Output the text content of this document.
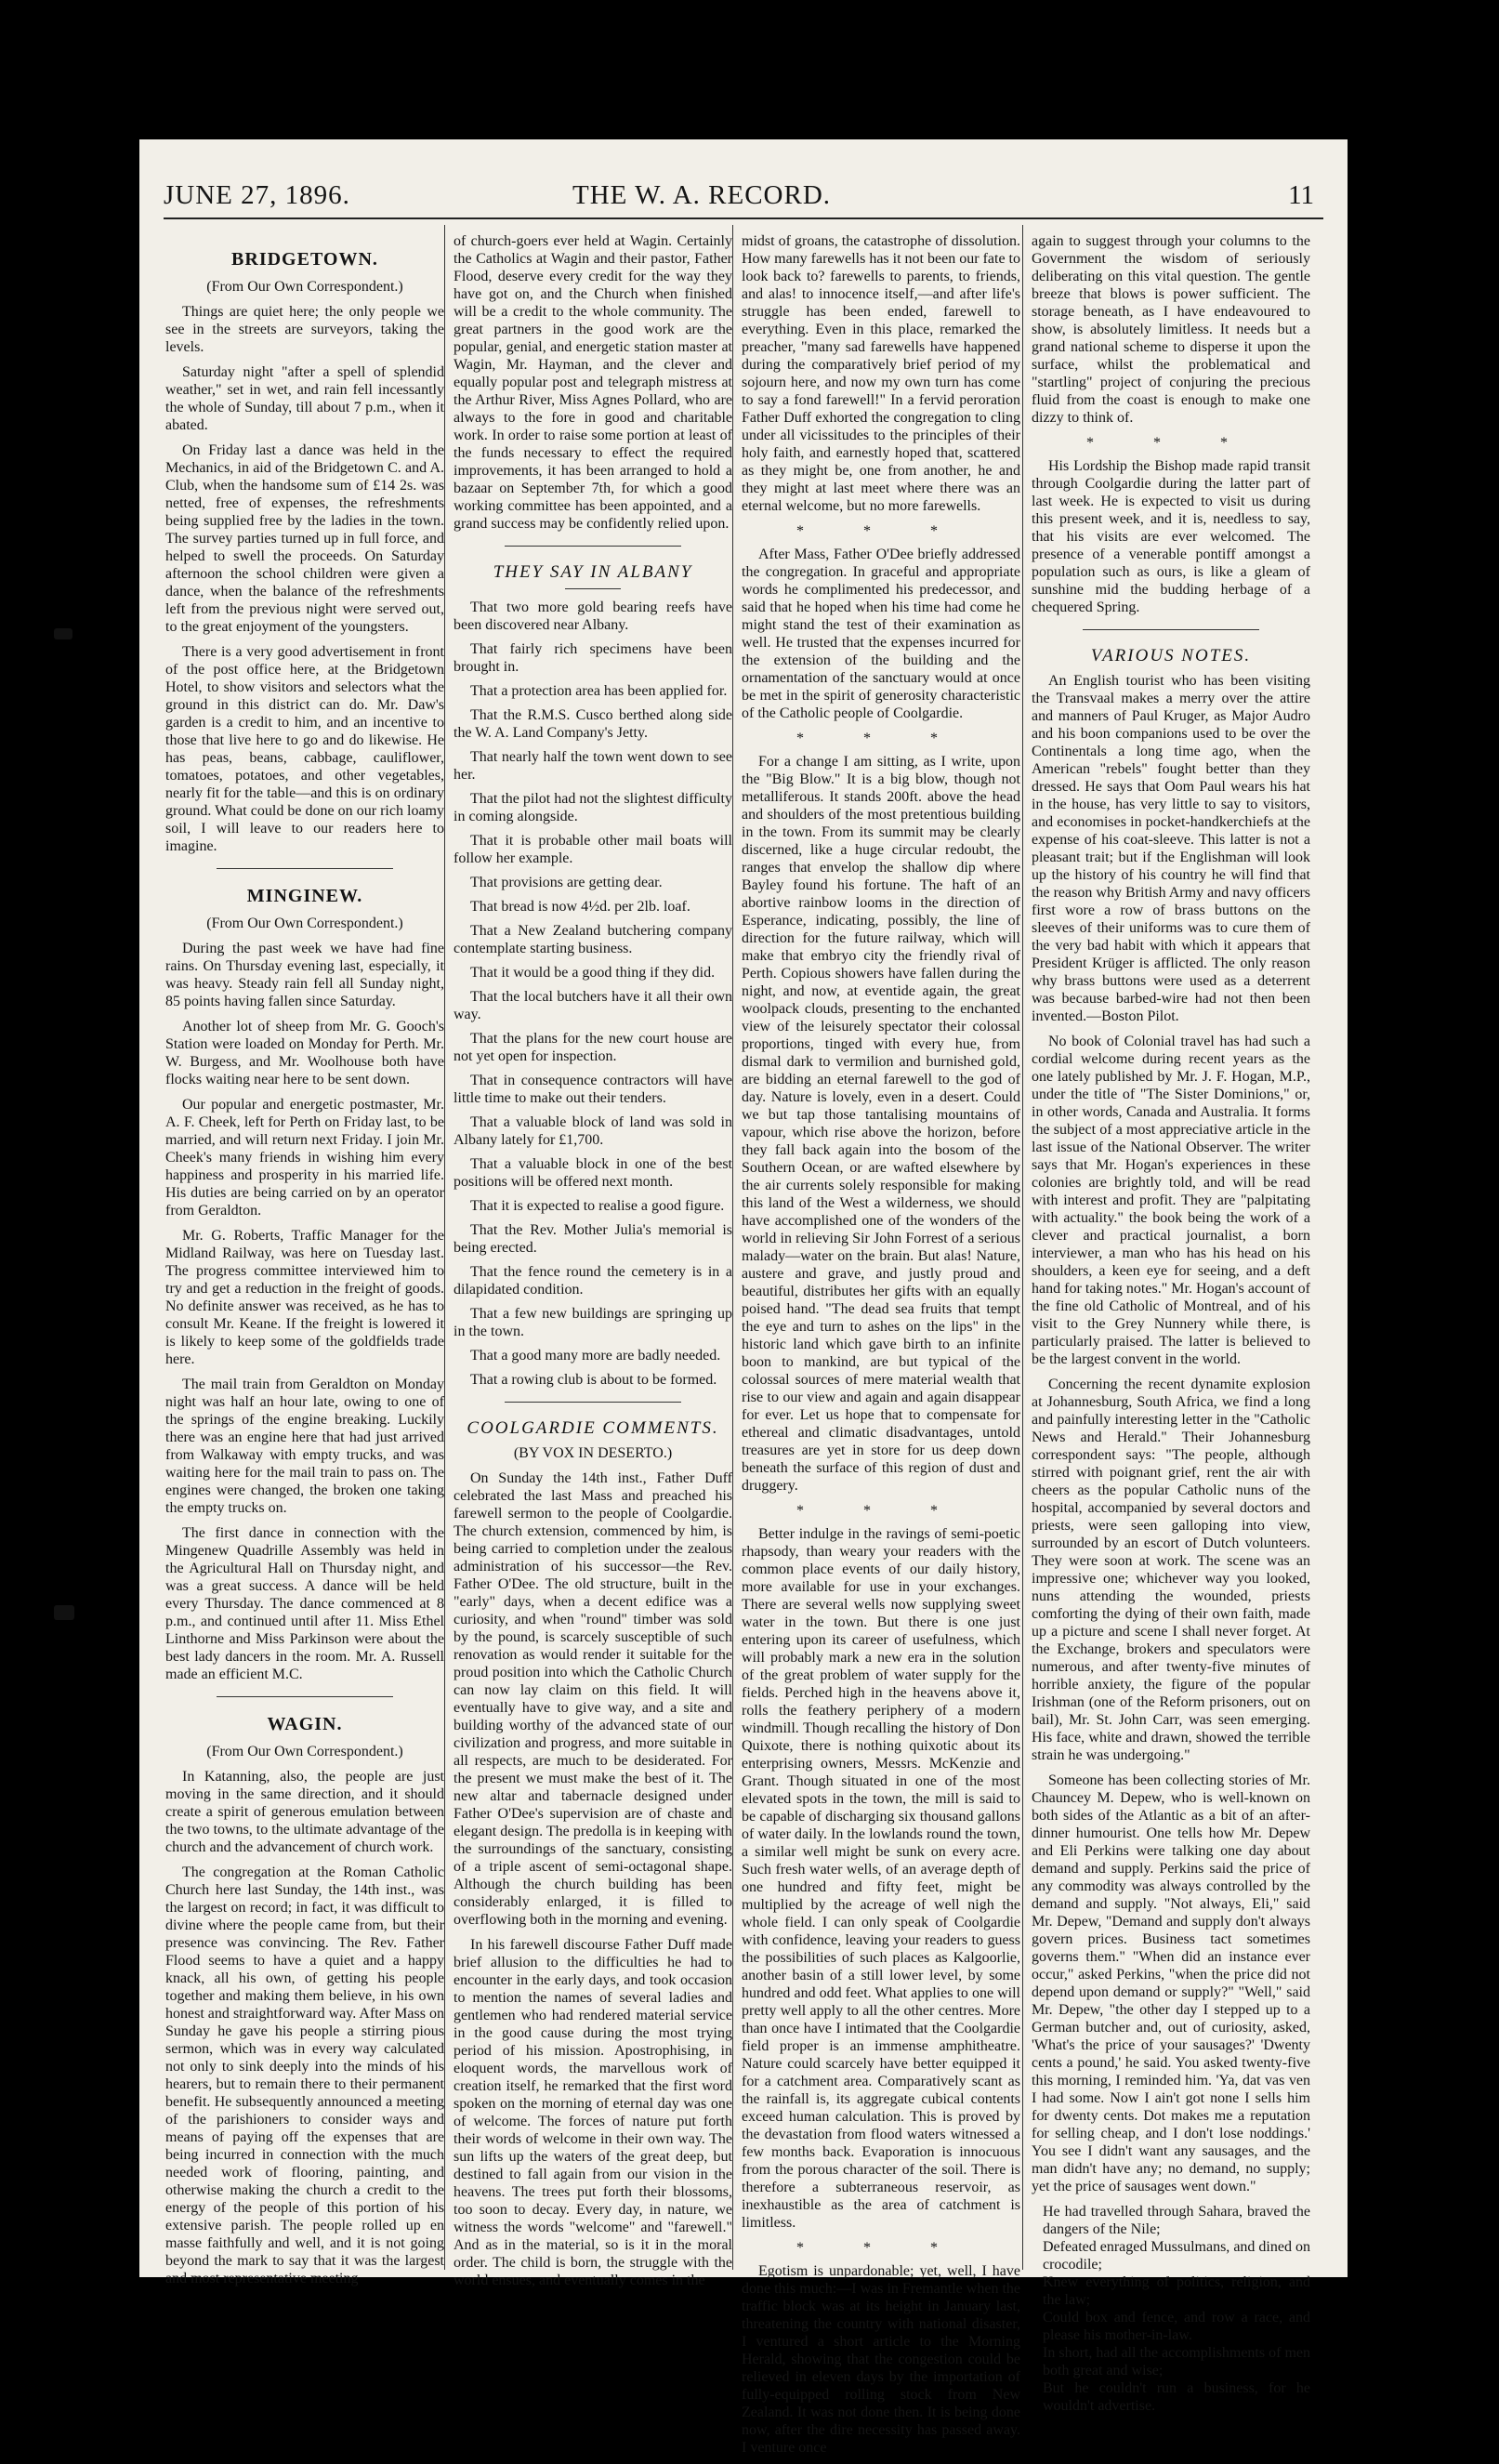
JUNE 27, 1896.	THE W. A. RECORD.	11
BRIDGETOWN.
(From Our Own Correspondent.)

Things are quiet here; the only people we see in the streets are surveyors, taking the levels.

Saturday night "after a spell of splendid weather," set in wet, and rain fell incessantly the whole of Sunday, till about 7 p.m., when it abated.

On Friday last a dance was held in the Mechanics, in aid of the Bridgetown C. and A. Club, when the handsome sum of £14 2s. was netted, free of expenses, the refreshments being supplied free by the ladies in the town. The survey parties turned up in full force, and helped to swell the proceeds. On Saturday afternoon the school children were given a dance, when the balance of the refreshments left from the previous night were served out, to the great enjoyment of the youngsters.

There is a very good advertisement in front of the post office here, at the Bridgetown Hotel, to show visitors and selectors what the ground in this district can do. Mr. Daw's garden is a credit to him, and an incentive to those that live here to go and do likewise. He has peas, beans, cabbage, cauliflower, tomatoes, potatoes, and other vegetables, nearly fit for the table—and this is on ordinary ground. What could be done on our rich loamy soil, I will leave to our readers here to imagine.

MINGINEW.
(From Our Own Correspondent.)

During the past week we have had fine rains. On Thursday evening last, especially, it was heavy. Steady rain fell all Sunday night, 85 points having fallen since Saturday.

Another lot of sheep from Mr. G. Gooch's Station were loaded on Monday for Perth. Mr. W. Burgess, and Mr. Woolhouse both have flocks waiting near here to be sent down.

Our popular and energetic postmaster, Mr. A. F. Cheek, left for Perth on Friday last, to be married, and will return next Friday. I join Mr. Cheek's many friends in wishing him every happiness and prosperity in his married life. His duties are being carried on by an operator from Geraldton.

Mr. G. Roberts, Traffic Manager for the Midland Railway, was here on Tuesday last. The progress committee interviewed him to try and get a reduction in the freight of goods. No definite answer was received, as he has to consult Mr. Keane. If the freight is lowered it is likely to keep some of the goldfields trade here.

The mail train from Geraldton on Monday night was half an hour late, owing to one of the springs of the engine breaking. Luckily there was an engine here that had just arrived from Walkaway with empty trucks, and was waiting here for the mail train to pass on. The engines were changed, the broken one taking the empty trucks on.

The first dance in connection with the Mingenew Quadrille Assembly was held in the Agricultural Hall on Thursday night, and was a great success. A dance will be held every Thursday. The dance commenced at 8 p.m., and continued until after 11. Miss Ethel Linthorne and Miss Parkinson were about the best lady dancers in the room. Mr. A. Russell made an efficient M.C.

WAGIN.
(From Our Own Correspondent.)

In Katanning, also, the people are just moving in the same direction, and it should create a spirit of generous emulation between the two towns, to the ultimate advantage of the church and the advancement of church work.

The congregation at the Roman Catholic Church here last Sunday, the 14th inst., was the largest on record; in fact, it was difficult to divine where the people came from, but their presence was convincing. The Rev. Father Flood seems to have a quiet and a happy knack, all his own, of getting his people together and making them believe, in his own honest and straightforward way. After Mass on Sunday he gave his people a stirring pious sermon, which was in every way calculated not only to sink deeply into the minds of his hearers, but to remain there to their permanent benefit. He subsequently announced a meeting of the parishioners to consider ways and means of paying off the expenses that are being incurred in connection with the much needed work of flooring, painting, and otherwise making the church a credit to the energy of the people of this portion of his extensive parish. The people rolled up en masse faithfully and well, and it is not going beyond the mark to say that it was the largest and most representative meeting

of church-goers ever held at Wagin. Certainly the Catholics at Wagin and their pastor, Father Flood, deserve every credit for the way they have got on, and the Church when finished will be a credit to the whole community. The great partners in the good work are the popular, genial, and energetic station master at Wagin, Mr. Hayman, and the clever and equally popular post and telegraph mistress at the Arthur River, Miss Agnes Pollard, who are always to the fore in good and charitable work. In order to raise some portion at least of the funds necessary to effect the required improvements, it has been arranged to hold a bazaar on September 7th, for which a good working committee has been appointed, and a grand success may be confidently relied upon.

THEY SAY IN ALBANY

That two more gold bearing reefs have been discovered near Albany.

That fairly rich specimens have been brought in.

That a protection area has been applied for.

That the R.M.S. Cusco berthed along side the W. A. Land Company's Jetty.

That nearly half the town went down to see her.

That the pilot had not the slightest difficulty in coming alongside.

That it is probable other mail boats will follow her example.

That provisions are getting dear.

That bread is now 4½d. per 2lb. loaf.

That a New Zealand butchering company contemplate starting business.

That it would be a good thing if they did.

That the local butchers have it all their own way.

That the plans for the new court house are not yet open for inspection.

That in consequence contractors will have little time to make out their tenders.

That a valuable block of land was sold in Albany lately for £1,700.

That a valuable block in one of the best positions will be offered next month.

That it is expected to realise a good figure.

That the Rev. Mother Julia's memorial is being erected.

That the fence round the cemetery is in a dilapidated condition.

That a few new buildings are springing up in the town.

That a good many more are badly needed.

That a rowing club is about to be formed.

COOLGARDIE COMMENTS.
(BY VOX IN DESERTO.)

On Sunday the 14th inst., Father Duff celebrated the last Mass and preached his farewell sermon to the people of Coolgardie. The church extension, commenced by him, is being carried to completion under the zealous administration of his successor—the Rev. Father O'Dee. The old structure, built in the "early" days, when a decent edifice was a curiosity, and when "round" timber was sold by the pound, is scarcely susceptible of such renovation as would render it suitable for the proud position into which the Catholic Church can now lay claim on this field. It will eventually have to give way, and a site and building worthy of the advanced state of our civilization and progress, and more suitable in all respects, are much to be desiderated. For the present we must make the best of it. The new altar and tabernacle designed under Father O'Dee's supervision are of chaste and elegant design. The predolla is in keeping with the surroundings of the sanctuary, consisting of a triple ascent of semi-octagonal shape. Although the church building has been considerably enlarged, it is filled to overflowing both in the morning and evening.

In his farewell discourse Father Duff made brief allusion to the difficulties he had to encounter in the early days, and took occasion to mention the names of several ladies and gentlemen who had rendered material service in the good cause during the most trying period of his mission. Apostrophising, in eloquent words, the marvellous work of creation itself, he remarked that the first word spoken on the morning of eternal day was one of welcome. The forces of nature put forth their words of welcome in their own way. The sun lifts up the waters of the great deep, but destined to fall again from our vision in the heavens. The trees put forth their blossoms, too soon to decay. Every day, in nature, we witness the words "welcome" and "farewell." And as in the material, so is it in the moral order. The child is born, the struggle with the world ensues, and eventually comes in the

midst of groans, the catastrophe of dissolution. How many farewells has it not been our fate to look back to? farewells to parents, to friends, and alas! to innocence itself,—and after life's struggle has been ended, farewell to everything. Even in this place, remarked the preacher, "many sad farewells have happened during the comparatively brief period of my sojourn here, and now my own turn has come to say a fond farewell!" In a fervid peroration Father Duff exhorted the congregation to cling under all vicissitudes to the principles of their holy faith, and earnestly hoped that, scattered as they might be, one from another, he and they might at last meet where there was an eternal welcome, but no more farewells.

* * *

After Mass, Father O'Dee briefly addressed the congregation. In graceful and appropriate words he complimented his predecessor, and said that he hoped when his time had come he might stand the test of their examination as well. He trusted that the expenses incurred for the extension of the building and the ornamentation of the sanctuary would at once be met in the spirit of generosity characteristic of the Catholic people of Coolgardie.

* * *

For a change I am sitting, as I write, upon the "Big Blow." It is a big blow, though not metalliferous. It stands 200ft. above the head and shoulders of the most pretentious building in the town. From its summit may be clearly discerned, like a huge circular redoubt, the ranges that envelop the shallow dip where Bayley found his fortune. The haft of an abortive rainbow looms in the direction of Esperance, indicating, possibly, the line of direction for the future railway, which will make that embryo city the friendly rival of Perth. Copious showers have fallen during the night, and now, at eventide again, the great woolpack clouds, presenting to the enchanted view of the leisurely spectator their colossal proportions, tinged with every hue, from dismal dark to vermilion and burnished gold, are bidding an eternal farewell to the god of day. Nature is lovely, even in a desert. Could we but tap those tantalising mountains of vapour, which rise above the horizon, before they fall back again into the bosom of the Southern Ocean, or are wafted elsewhere by the air currents solely responsible for making this land of the West a wilderness, we should have accomplished one of the wonders of the world in relieving Sir John Forrest of a serious malady—water on the brain. But alas! Nature, austere and grave, and justly proud and beautiful, distributes her gifts with an equally poised hand. "The dead sea fruits that tempt the eye and turn to ashes on the lips" in the historic land which gave birth to an infinite boon to mankind, are but typical of the colossal sources of mere material wealth that rise to our view and again and again disappear for ever. Let us hope that to compensate for ethereal and climatic disadvantages, untold treasures are yet in store for us deep down beneath the surface of this region of dust and druggery.

* * *

Better indulge in the ravings of semi-poetic rhapsody, than weary your readers with the common place events of our daily history, more available for use in your exchanges. There are several wells now supplying sweet water in the town. But there is one just entering upon its career of usefulness, which will probably mark a new era in the solution of the great problem of water supply for the fields. Perched high in the heavens above it, rolls the feathery periphery of a modern windmill. Though recalling the history of Don Quixote, there is nothing quixotic about its enterprising owners, Messrs. McKenzie and Grant. Though situated in one of the most elevated spots in the town, the mill is said to be capable of discharging six thousand gallons of water daily. In the lowlands round the town, a similar well might be sunk on every acre. Such fresh water wells, of an average depth of one hundred and fifty feet, might be multiplied by the acreage of well nigh the whole field. I can only speak of Coolgardie with confidence, leaving your readers to guess the possibilities of such places as Kalgoorlie, another basin of a still lower level, by some hundred and odd feet. What applies to one will pretty well apply to all the other centres. More than once have I intimated that the Coolgardie field proper is an immense amphitheatre. Nature could scarcely have better equipped it for a catchment area. Comparatively scant as the rainfall is, its aggregate cubical contents exceed human calculation. This is proved by the devastation from flood waters witnessed a few months back. Evaporation is innocuous from the porous character of the soil. There is therefore a subterraneous reservoir, as inexhaustible as the area of catchment is limitless.

* * *

Egotism is unpardonable; yet, well, I have done this much:—I was in Fremantle when the traffic block was at its height in January last, threatening the country with national disaster, I ventured a short article to the Morning Herald, showing that the congestion could be relieved in eleven days by the importation of fully-equipped rolling stock from New Zealand. It was not done then. It is being done now, after the dire necessity has passed away. I venture once

again to suggest through your columns to the Government the wisdom of seriously deliberating on this vital question. The gentle breeze that blows is power sufficient. The storage beneath, as I have endeavoured to show, is absolutely limitless. It needs but a grand national scheme to disperse it upon the surface, whilst the problematical and "startling" project of conjuring the precious fluid from the coast is enough to make one dizzy to think of.

* * *

His Lordship the Bishop made rapid transit through Coolgardie during the latter part of last week. He is expected to visit us during this present week, and it is, needless to say, that his visits are ever welcomed. The presence of a venerable pontiff amongst a population such as ours, is like a gleam of sunshine mid the budding herbage of a chequered Spring.

VARIOUS NOTES.

An English tourist who has been visiting the Transvaal makes a merry over the attire and manners of Paul Kruger, as Major Audro and his boon companions used to be over the Continentals a long time ago, when the American "rebels" fought better than they dressed. He says that Oom Paul wears his hat in the house, has very little to say to visitors, and economises in pocket-handkerchiefs at the expense of his coat-sleeve. This latter is not a pleasant trait; but if the Englishman will look up the history of his country he will find that the reason why British Army and navy officers first wore a row of brass buttons on the sleeves of their uniforms was to cure them of the very bad habit with which it appears that President Krüger is afflicted. The only reason why brass buttons were used as a deterrent was because barbed-wire had not then been invented.—Boston Pilot.

No book of Colonial travel has had such a cordial welcome during recent years as the one lately published by Mr. J. F. Hogan, M.P., under the title of "The Sister Dominions," or, in other words, Canada and Australia. It forms the subject of a most appreciative article in the last issue of the National Observer. The writer says that Mr. Hogan's experiences in these colonies are brightly told, and will be read with interest and profit. They are "palpitating with actuality." the book being the work of a clever and practical journalist, a born interviewer, a man who has his head on his shoulders, a keen eye for seeing, and a deft hand for taking notes." Mr. Hogan's account of the fine old Catholic of Montreal, and of his visit to the Grey Nunnery while there, is particularly praised. The latter is believed to be the largest convent in the world.

Concerning the recent dynamite explosion at Johannesburg, South Africa, we find a long and painfully interesting letter in the "Catholic News and Herald." Their Johannesburg correspondent says: "The people, although stirred with poignant grief, rent the air with cheers as the popular Catholic nuns of the hospital, accompanied by several doctors and priests, were seen galloping into view, surrounded by an escort of Dutch volunteers. They were soon at work. The scene was an impressive one; whichever way you looked, nuns attending the wounded, priests comforting the dying of their own faith, made up a picture and scene I shall never forget. At the Exchange, brokers and speculators were numerous, and after twenty-five minutes of horrible anxiety, the figure of the popular Irishman (one of the Reform prisoners, out on bail), Mr. St. John Carr, was seen emerging. His face, white and drawn, showed the terrible strain he was undergoing."

Someone has been collecting stories of Mr. Chauncey M. Depew, who is well-known on both sides of the Atlantic as a bit of an after-dinner humourist. One tells how Mr. Depew and Eli Perkins were talking one day about demand and supply. Perkins said the price of any commodity was always controlled by the demand and supply. "Not always, Eli," said Mr. Depew, "Demand and supply don't always govern prices. Business tact sometimes governs them." "When did an instance ever occur," asked Perkins, "when the price did not depend upon demand or supply?" "Well," said Mr. Depew, "the other day I stepped up to a German butcher and, out of curiosity, asked, 'What's the price of your sausages?' 'Dwenty cents a pound,' he said. You asked twenty-five this morning, I reminded him. 'Ya, dat vas ven I had some. Now I ain't got none I sells him for dwenty cents. Dot makes me a reputation for selling cheap, and I don't lose noddings.' You see I didn't want any sausages, and the man didn't have any; no demand, no supply; yet the price of sausages went down."

He had travelled through Sahara, braved the dangers of the Nile;
Defeated enraged Mussulmans, and dined on crocodile;
Knew everything of politics, religion, and the law;
Could box and fence, and row a race, and please his mother-in-law.
In short, had all the accomplishments of men both great and wise;
But he couldn't run a business, for he wouldn't advertise.
